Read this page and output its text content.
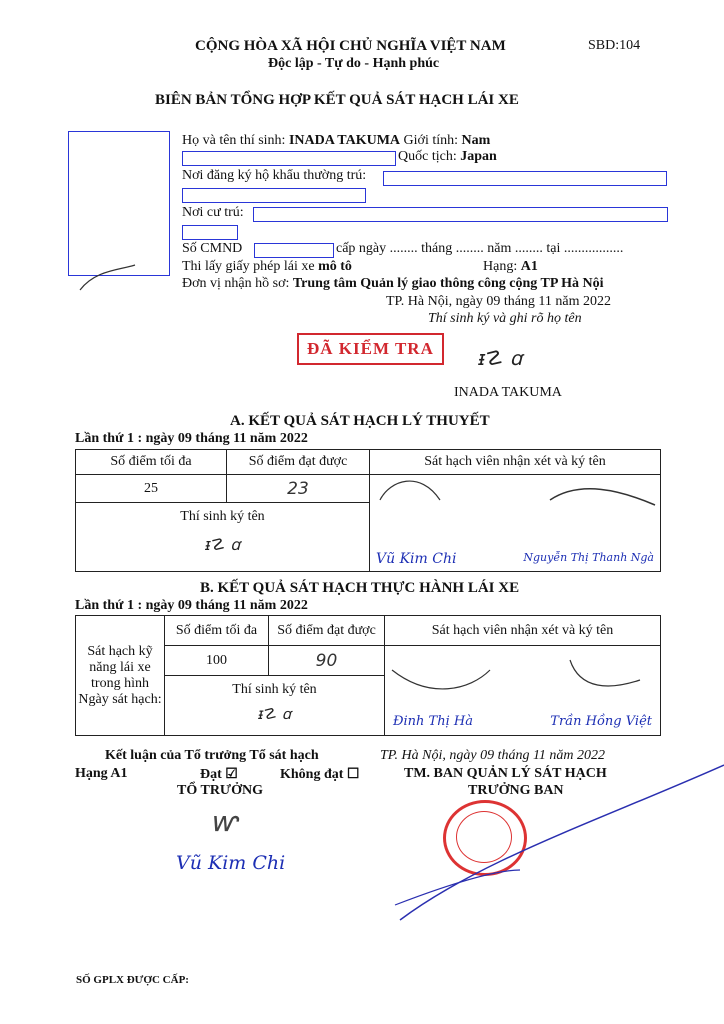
CỘNG HÒA XÃ HỘI CHỦ NGHĨA VIỆT NAM
Độc lập - Tự do - Hạnh phúc
SBD:104
BIÊN BẢN TỔNG HỢP KẾT QUẢ SÁT HẠCH LÁI XE
Họ và tên thí sinh: INADA TAKUMA Giới tính: Nam
Quốc tịch: Japan
Nơi đăng ký hộ khẩu thường trú:
Nơi cư trú:
Số CMND	cấp ngày ........ tháng ........ năm ........ tại .................
Thi lấy giấy phép lái xe mô tô	Hạng: A1
Đơn vị nhận hồ sơ: Trung tâm Quản lý giao thông công cộng TP Hà Nội
TP. Hà Nội, ngày 09 tháng 11 năm 2022
Thí sinh ký và ghi rõ họ tên
ĐÃ KIỂM TRA	ᵻ☡ ꭤ
INADA TAKUMA
A. KẾT QUẢ SÁT HẠCH LÝ THUYẾT
Lần thứ 1 : ngày 09 tháng 11 năm 2022
Số điểm tối đa	Số điểm đạt được	Sát hạch viên nhận xét và ký tên
25	23	Vũ Kim Chi Nguyễn Thị Thanh Ngà

Thí sinh ký tên
ᵻ☡ ꭤ		
B. KẾT QUẢ SÁT HẠCH THỰC HÀNH LÁI XE
Lần thứ 1 : ngày 09 tháng 11 năm 2022
Sát hạch kỹ năng lái xe trong hình Ngày sát hạch:	Số điểm tối đa	Số điểm đạt được	Sát hạch viên nhận xét và ký tên
	100	90	Đinh Thị Hà Trần Hồng Việt

	Thí sinh ký tên
ᵻ☡ ꭤ		
Kết luận của Tổ trưởng Tổ sát hạch
Hạng A1	Đạt ☑	Không đạt ☐
TỔ TRƯỞNG
ⱳ
Vũ Kim Chi
TP. Hà Nội, ngày 09 tháng 11 năm 2022
TM. BAN QUẢN LÝ SÁT HẠCH
TRƯỞNG BAN
SỐ GPLX ĐƯỢC CẤP:
